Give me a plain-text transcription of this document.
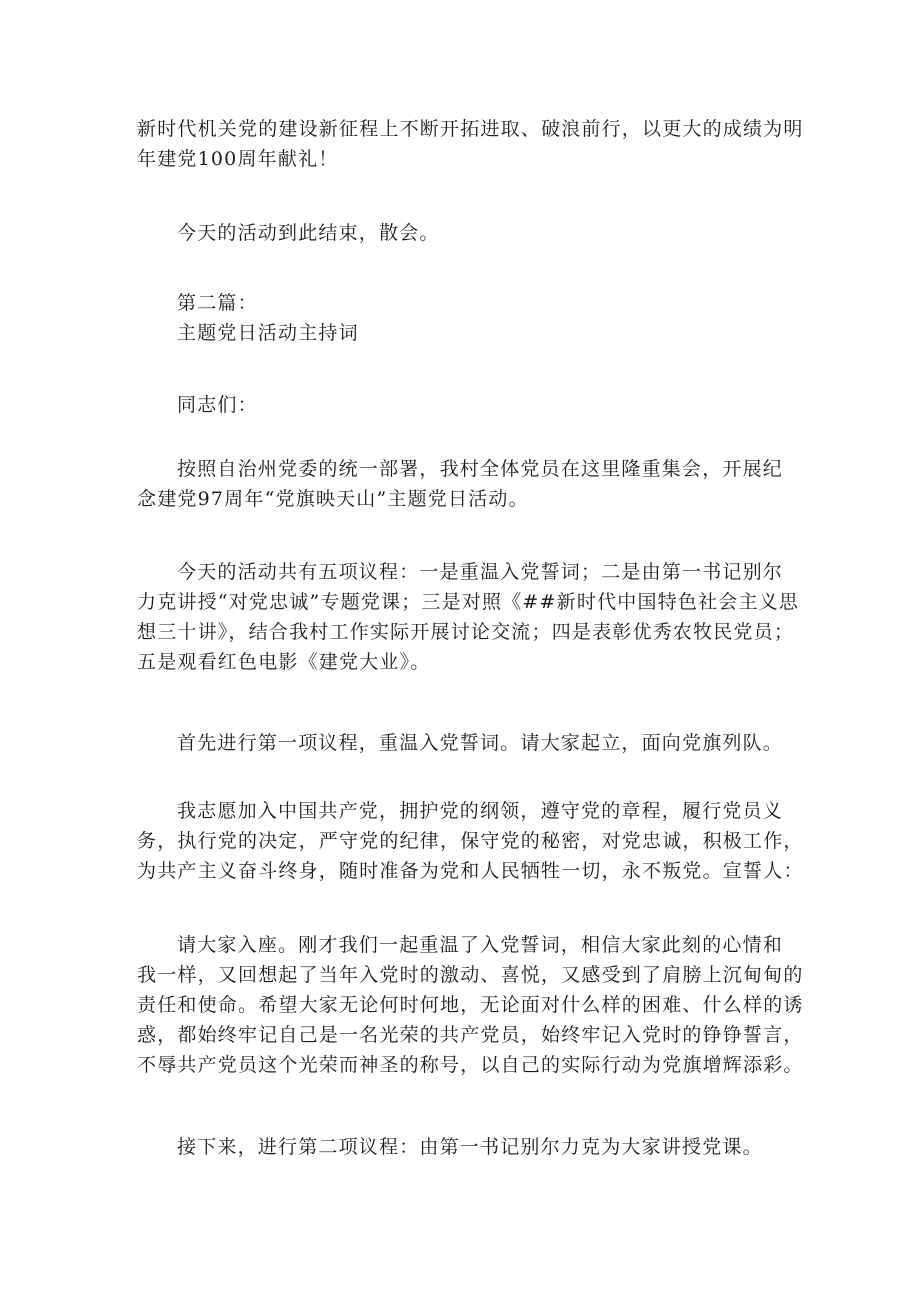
新时代机关党的建设新征程上不断开拓进取、破浪前行，以更大的成绩为明
年建党100周年献礼！
今天的活动到此结束，散会。
第二篇：
主题党日活动主持词
同志们：
按照自治州党委的统一部署，我村全体党员在这里隆重集会，开展纪
念建党97周年“党旗映天山”主题党日活动。
今天的活动共有五项议程：一是重温入党誓词；二是由第一书记别尔
力克讲授“对党忠诚”专题党课；三是对照《##新时代中国特色社会主义思
想三十讲》，结合我村工作实际开展讨论交流；四是表彰优秀农牧民党员；
五是观看红色电影《建党大业》。
首先进行第一项议程，重温入党誓词。请大家起立，面向党旗列队。
我志愿加入中国共产党，拥护党的纲领，遵守党的章程，履行党员义
务，执行党的决定，严守党的纪律，保守党的秘密，对党忠诚，积极工作，
为共产主义奋斗终身，随时准备为党和人民牺牲一切，永不叛党。宣誓人：
请大家入座。刚才我们一起重温了入党誓词，相信大家此刻的心情和
我一样，又回想起了当年入党时的激动、喜悦，又感受到了肩膀上沉甸甸的
责任和使命。希望大家无论何时何地，无论面对什么样的困难、什么样的诱
惑，都始终牢记自己是一名光荣的共产党员，始终牢记入党时的铮铮誓言，
不辱共产党员这个光荣而神圣的称号，以自己的实际行动为党旗增辉添彩。
接下来，进行第二项议程：由第一书记别尔力克为大家讲授党课。
